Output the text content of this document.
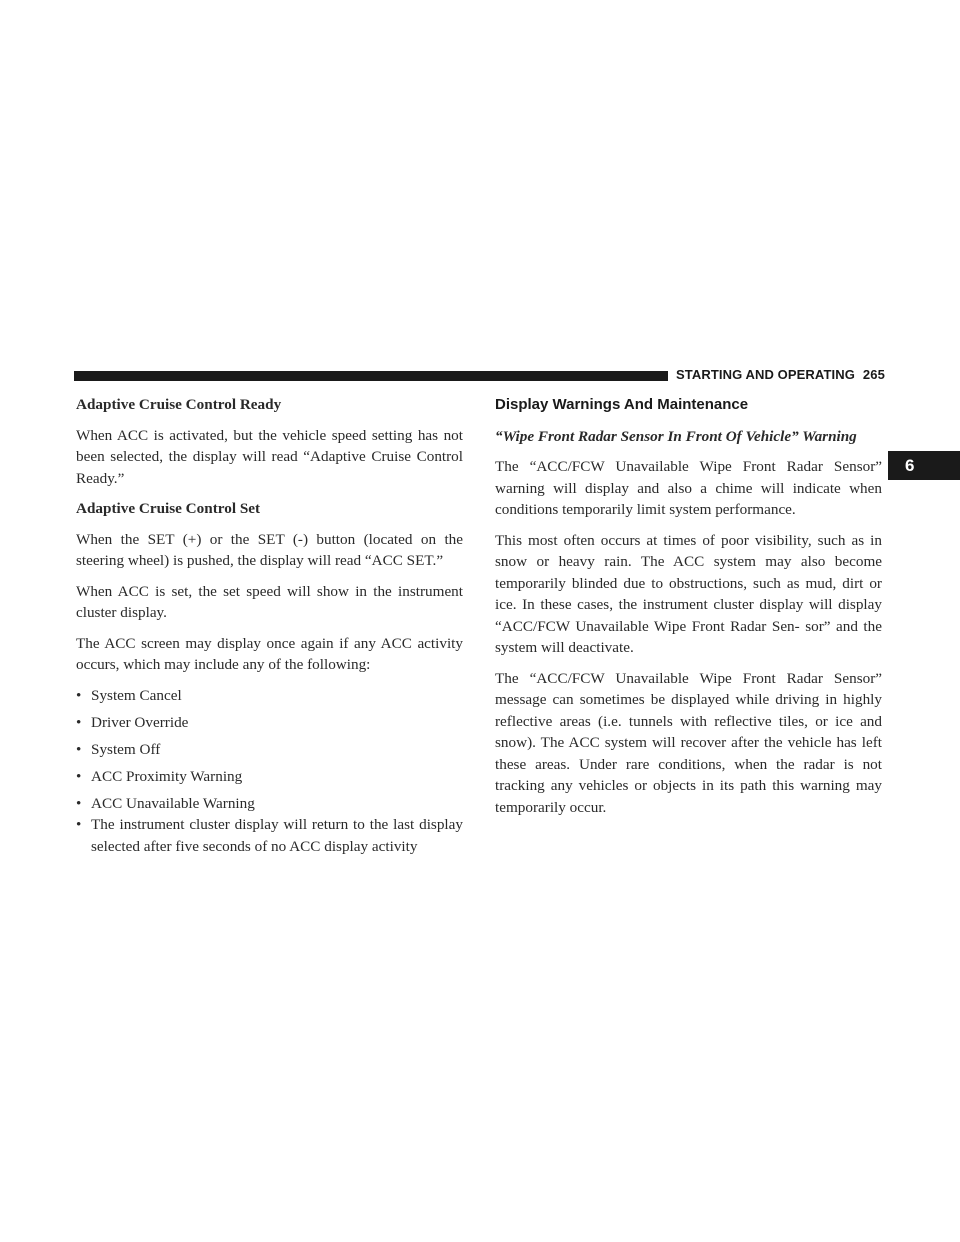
STARTING AND OPERATING 265
6
Adaptive Cruise Control Ready

When ACC is activated, but the vehicle speed setting has not been selected, the display will read “Adaptive Cruise Control Ready.”

Adaptive Cruise Control Set

When the SET (+) or the SET (-) button (located on the steering wheel) is pushed, the display will read “ACC SET.”

When ACC is set, the set speed will show in the instrument cluster display.

The ACC screen may display once again if any ACC activity occurs, which may include any of the following:

• System Cancel
• Driver Override
• System Off
• ACC Proximity Warning
• ACC Unavailable Warning
• The instrument cluster display will return to the last display selected after five seconds of no ACC display activity
Display Warnings And Maintenance
“Wipe Front Radar Sensor In Front Of Vehicle” Warning

The “ACC/FCW Unavailable Wipe Front Radar Sensor” warning will display and also a chime will indicate when conditions temporarily limit system performance.

This most often occurs at times of poor visibility, such as in snow or heavy rain. The ACC system may also become temporarily blinded due to obstructions, such as mud, dirt or ice. In these cases, the instrument cluster display will display “ACC/FCW Unavailable Wipe Front Radar Sen- sor” and the system will deactivate.

The “ACC/FCW Unavailable Wipe Front Radar Sensor” message can sometimes be displayed while driving in highly reflective areas (i.e. tunnels with reflective tiles, or ice and snow). The ACC system will recover after the vehicle has left these areas. Under rare conditions, when the radar is not tracking any vehicles or objects in its path this warning may temporarily occur.
